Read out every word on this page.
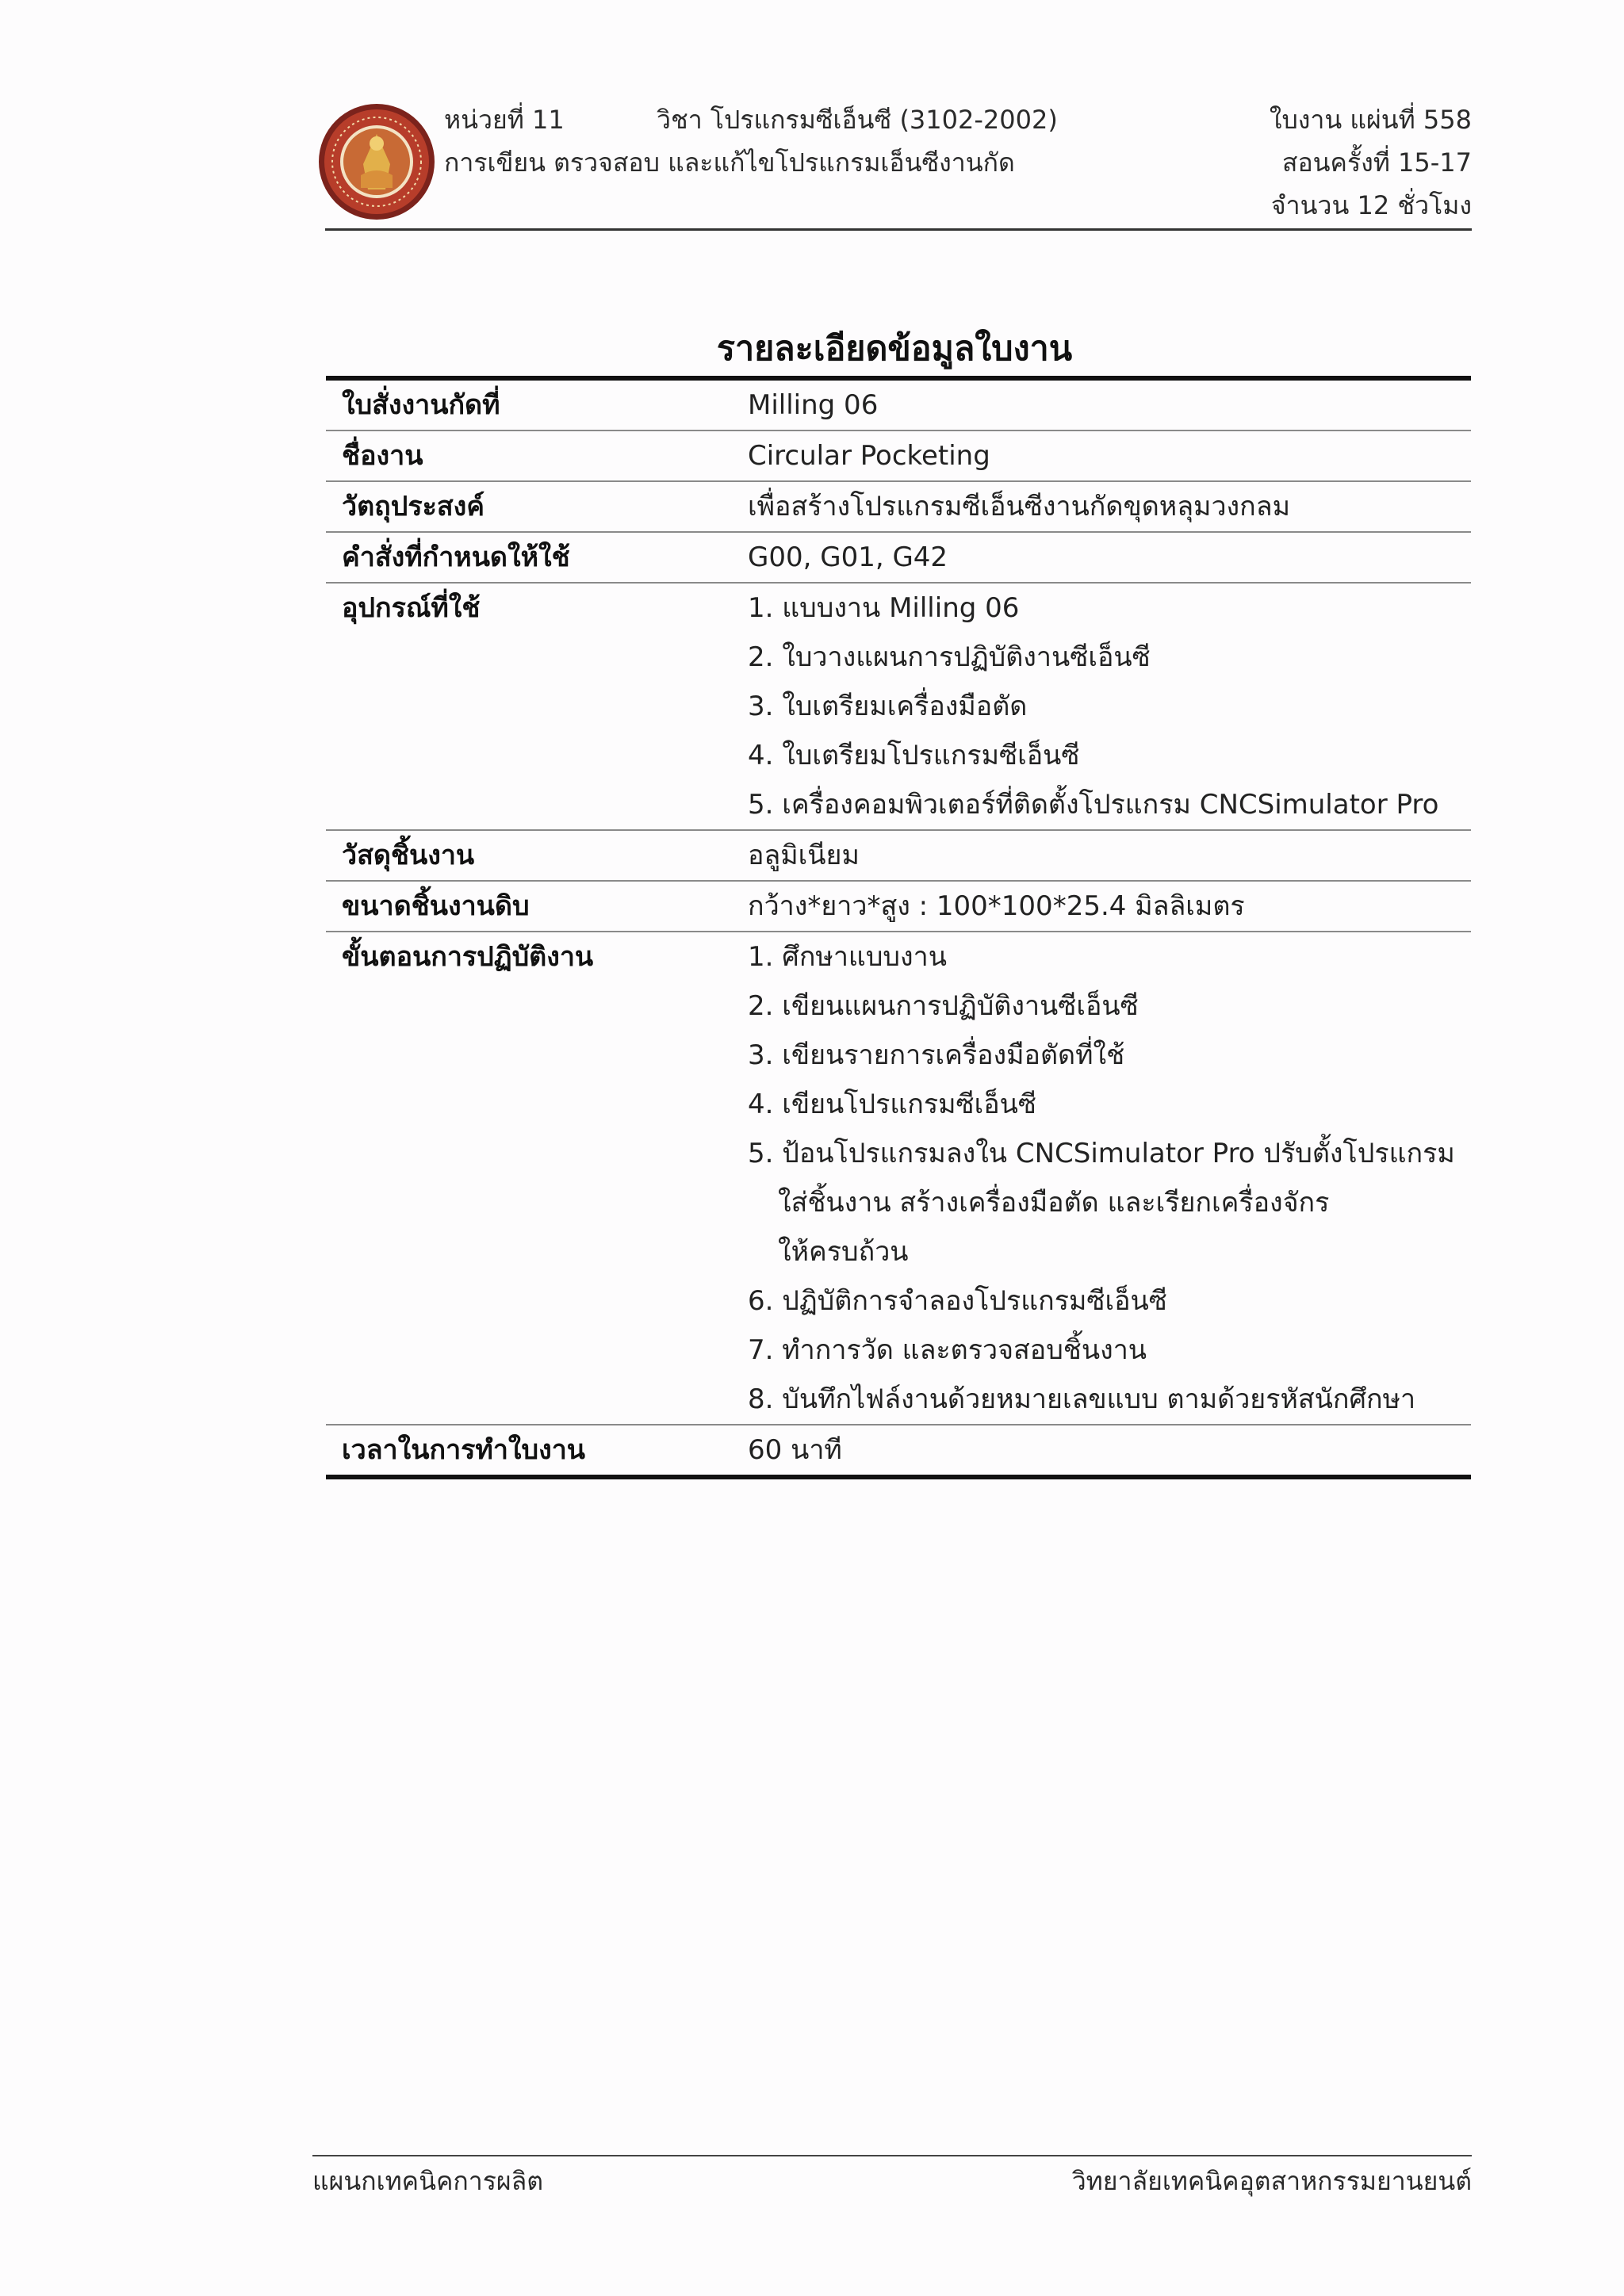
หน่วยที่ 11	วิชา โปรแกรมซีเอ็นซี (3102-2002)
การเขียน ตรวจสอบ และแก้ไขโปรแกรมเอ็นซีงานกัด
ใบงาน แผ่นที่ 558
สอนครั้งที่ 15-17
จำนวน 12 ชั่วโมง
รายละเอียดข้อมูลใบงาน
ใบสั่งงานกัดที่	Milling 06
ชื่องาน	Circular Pocketing
วัตถุประสงค์	เพื่อสร้างโปรแกรมซีเอ็นซีงานกัดขุดหลุมวงกลม
คำสั่งที่กำหนดให้ใช้	G00, G01, G42
อุปกรณ์ที่ใช้	1. แบบงาน Milling 06
2. ใบวางแผนการปฏิบัติงานซีเอ็นซี
3. ใบเตรียมเครื่องมือตัด
4. ใบเตรียมโปรแกรมซีเอ็นซี
5. เครื่องคอมพิวเตอร์ที่ติดตั้งโปรแกรม CNCSimulator Pro
วัสดุชิ้นงาน	อลูมิเนียม
ขนาดชิ้นงานดิบ	กว้าง*ยาว*สูง : 100*100*25.4 มิลลิเมตร
ขั้นตอนการปฏิบัติงาน	1. ศึกษาแบบงาน
2. เขียนแผนการปฏิบัติงานซีเอ็นซี
3. เขียนรายการเครื่องมือตัดที่ใช้
4. เขียนโปรแกรมซีเอ็นซี
5. ป้อนโปรแกรมลงใน CNCSimulator Pro ปรับตั้งโปรแกรม
ใส่ชิ้นงาน สร้างเครื่องมือตัด และเรียกเครื่องจักร
ให้ครบถ้วน
6. ปฏิบัติการจำลองโปรแกรมซีเอ็นซี
7. ทำการวัด และตรวจสอบชิ้นงาน
8. บันทึกไฟล์งานด้วยหมายเลขแบบ ตามด้วยรหัสนักศึกษา
เวลาในการทำใบงาน	60 นาที
แผนกเทคนิคการผลิต	วิทยาลัยเทคนิคอุตสาหกรรมยานยนต์
